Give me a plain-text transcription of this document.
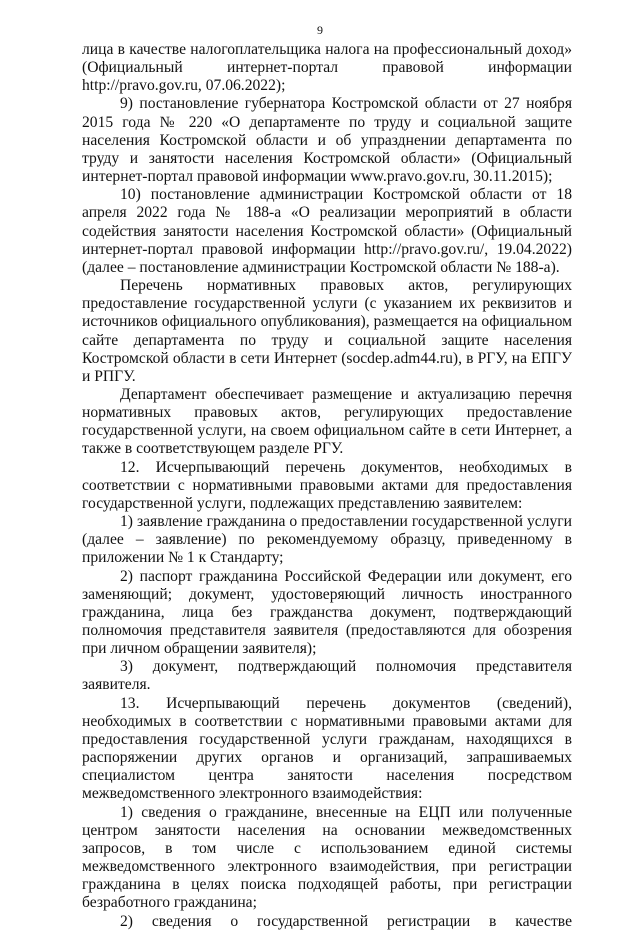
9

лица в качестве налогоплательщика налога на профессиональный доход» (Официальный интернет-портал правовой информации http://pravo.gov.ru, 07.06.2022);

9) постановление губернатора Костромской области от 27 ноября 2015 года № 220 «О департаменте по труду и социальной защите населения Костромской области и об упразднении департамента по труду и занятости населения Костромской области» (Официальный интернет-портал правовой информации www.pravo.gov.ru, 30.11.2015);

10) постановление администрации Костромской области от 18 апреля 2022 года № 188-а «О реализации мероприятий в области содействия занятости населения Костромской области» (Официальный интернет-портал правовой информации http://pravo.gov.ru/, 19.04.2022) (далее – постановление администрации Костромской области № 188-а).

Перечень нормативных правовых актов, регулирующих предоставление государственной услуги (с указанием их реквизитов и источников официального опубликования), размещается на официальном сайте департамента по труду и социальной защите населения Костромской области в сети Интернет (socdep.adm44.ru), в РГУ, на ЕПГУ и РПГУ.

Департамент обеспечивает размещение и актуализацию перечня нормативных правовых актов, регулирующих предоставление государственной услуги, на своем официальном сайте в сети Интернет, а также в соответствующем разделе РГУ.

12. Исчерпывающий перечень документов, необходимых в соответствии с нормативными правовыми актами для предоставления государственной услуги, подлежащих представлению заявителем:

1) заявление гражданина о предоставлении государственной услуги (далее – заявление) по рекомендуемому образцу, приведенному в приложении № 1 к Стандарту;

2) паспорт гражданина Российской Федерации или документ, его заменяющий; документ, удостоверяющий личность иностранного гражданина, лица без гражданства документ, подтверждающий полномочия представителя заявителя (предоставляются для обозрения при личном обращении заявителя);

3) документ, подтверждающий полномочия представителя заявителя.

13. Исчерпывающий перечень документов (сведений), необходимых в соответствии с нормативными правовыми актами для предоставления государственной услуги гражданам, находящихся в распоряжении других органов и организаций, запрашиваемых специалистом центра занятости населения посредством межведомственного электронного взаимодействия:

1) сведения о гражданине, внесенные на ЕЦП или полученные центром занятости населения на основании межведомственных запросов, в том числе с использованием единой системы межведомственного электронного взаимодействия, при регистрации гражданина в целях поиска подходящей работы, при регистрации безработного гражданина;

2) сведения о государственной регистрации в качестве
